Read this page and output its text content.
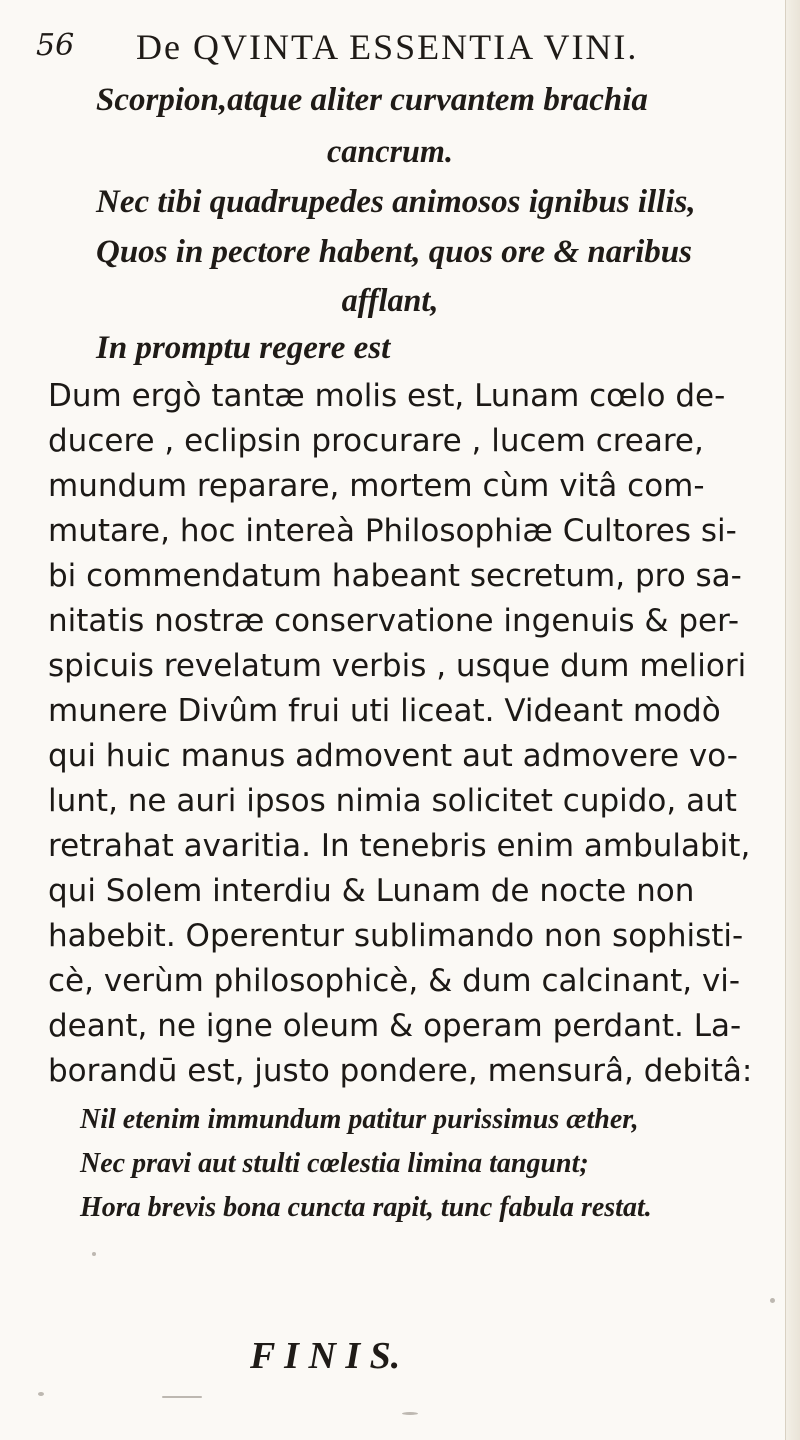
56 De QVINTA ESSENTIA VINI.
Scorpion,atque aliter curvantem brachia
cancrum.
Nec tibi quadrupedes animosos ignibus illis,
Quos in pectore habent, quos ore & naribus
afflant,
In promptu regere est
Dum ergò tantæ molis est, Lunam cœlo de-
ducere , eclipsin procurare , lucem creare,
mundum reparare, mortem cùm vitâ com-
mutare, hoc intereà Philosophiæ Cultores si-
bi commendatum habeant secretum, pro sa-
nitatis nostræ conservatione ingenuis & per-
spicuis revelatum verbis , usque dum meliori
munere Divûm frui uti liceat. Videant modò
qui huic manus admovent aut admovere vo-
lunt, ne auri ipsos nimia solicitet cupido, aut
retrahat avaritia. In tenebris enim ambulabit,
qui Solem interdiu & Lunam de nocte non
habebit. Operentur sublimando non sophisti-
cè, verùm philosophicè, & dum calcinant, vi-
deant, ne igne oleum & operam perdant. La-
borandū est, justo pondere, mensurâ, debitâ:
Nil etenim immundum patitur purissimus æther,
Nec pravi aut stulti cœlestia limina tangunt;
Hora brevis bona cuncta rapit, tunc fabula restat.
F I N I S.
